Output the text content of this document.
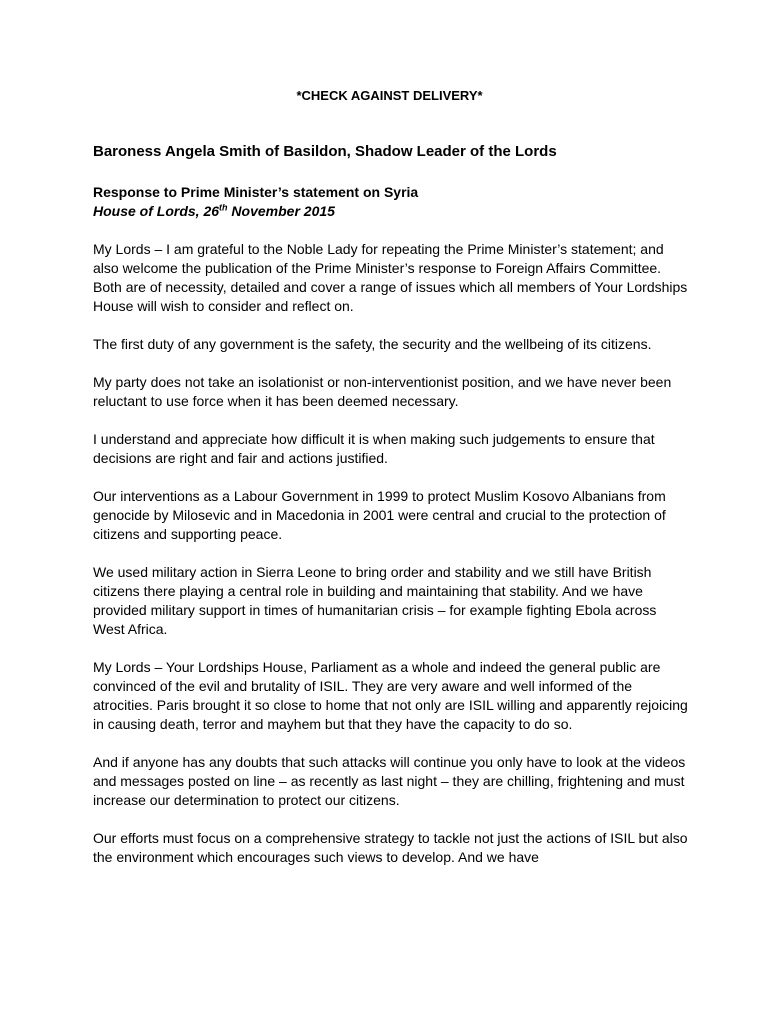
*CHECK AGAINST DELIVERY*

Baroness Angela Smith of Basildon, Shadow Leader of the Lords

Response to Prime Minister’s statement on Syria

House of Lords, 26th November 2015

My Lords – I am grateful to the Noble Lady for repeating the Prime Minister’s statement; and also welcome the publication of the Prime Minister’s response to Foreign Affairs Committee. Both are of necessity, detailed and cover a range of issues which all members of Your Lordships House will wish to consider and reflect on.

The first duty of any government is the safety, the security and the wellbeing of its citizens.

My party does not take an isolationist or non-interventionist position, and we have never been reluctant to use force when it has been deemed necessary.

I understand and appreciate how difficult it is when making such judgements to ensure that decisions are right and fair and actions justified.

Our interventions as a Labour Government in 1999 to protect Muslim Kosovo Albanians from genocide by Milosevic and in Macedonia in 2001 were central and crucial to the protection of citizens and supporting peace.

We used military action in Sierra Leone to bring order and stability and we still have British citizens there playing a central role in building and maintaining that stability. And we have provided military support in times of humanitarian crisis – for example fighting Ebola across West Africa.

My Lords – Your Lordships House, Parliament as a whole and indeed the general public are convinced of the evil and brutality of ISIL. They are very aware and well informed of the atrocities. Paris brought it so close to home that not only are ISIL willing and apparently rejoicing in causing death, terror and mayhem but that they have the capacity to do so.

And if anyone has any doubts that such attacks will continue you only have to look at the videos and messages posted on line – as recently as last night – they are chilling, frightening and must increase our determination to protect our citizens.

Our efforts must focus on a comprehensive strategy to tackle not just the actions of ISIL but also the environment which encourages such views to develop. And we have
